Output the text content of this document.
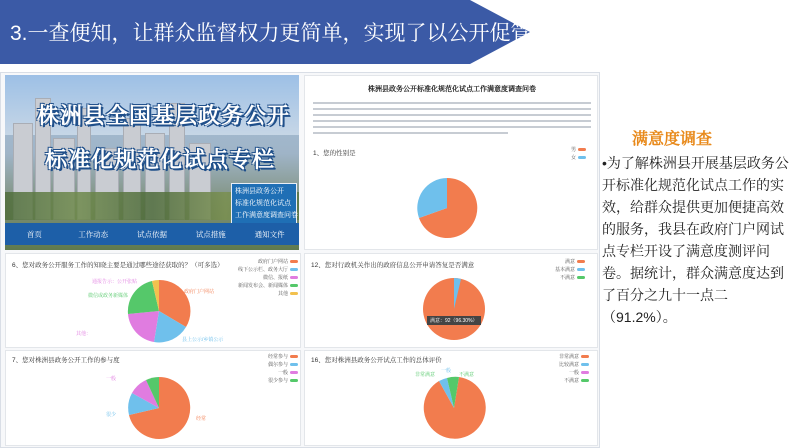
3.一查便知，让群众监督权力更简单，实现了以公开促管理
株洲县全国基层政务公开
标准化规范化试点专栏
株洲县政务公开
标准化规范化试点
工作满意度调查问卷
首页	工作动态	试点依据	试点措施	通知文件
株洲县政务公开标准化规范化试点工作满意度调查问卷
1、您的性别是	男
女
6、您对政务公开服务工作的知晓主要是通过哪些途径获取的？（可多选）	政府门户网站
线下公示栏、政务大厅
微信、报纸
新闻发布会、新闻媒体
其他
通报告示：公开张贴
微信或政务新媒体
其他：
政府门户网站
县上公示/乡镇公示
7、您对株洲县政务公开工作的参与度	经常参与
偶尔参与
一般
很少参与
一般
很少
经常
12、您对行政机关作出的政府信息公开申请答复是否满意	满意
基本满意
不满意
满意：92（96.30%）
16、您对株洲县政务公开试点工作的总体评价	非常满意
比较满意
一般
不满意
非常满意
一般
不满意
满意度调查
•为了解株洲县开展基层政务公开标准化规范化试点工作的实效，给群众提供更加便捷高效的服务，我县在政府门户网试点专栏开设了满意度测评问卷。据统计，群众满意度达到了百分之九十一点二（91.2%）。
